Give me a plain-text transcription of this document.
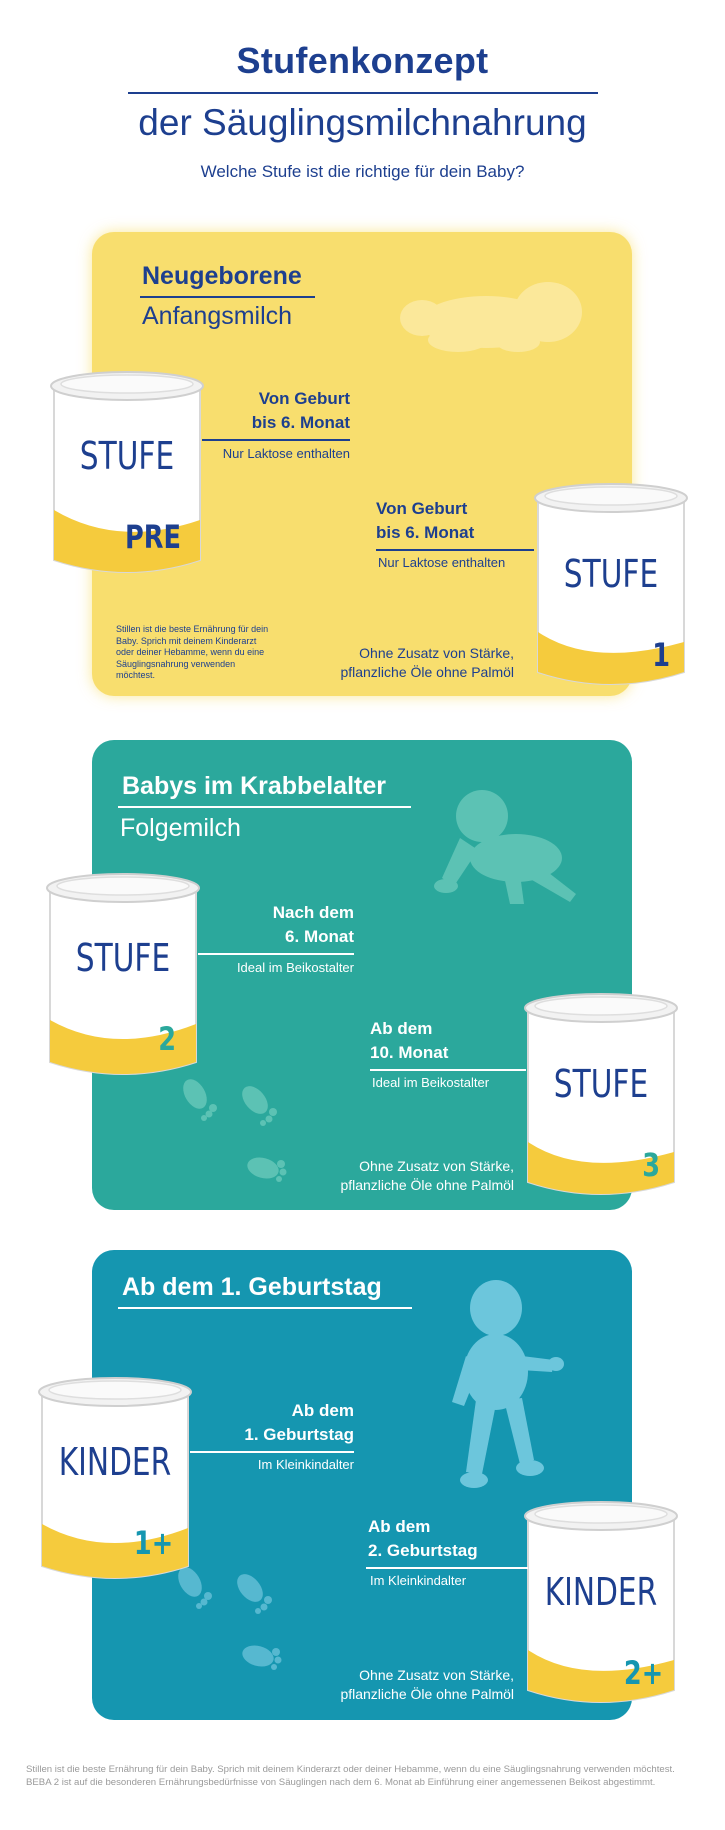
Stufenkonzept
der Säuglingsmilchnahrung
Welche Stufe ist die richtige für dein Baby?
Neugeborene
Anfangsmilch
STUFE
PRE
Von Geburt
bis 6. Monat
Nur Laktose enthalten
STUFE
1
Von Geburt
bis 6. Monat
Nur Laktose enthalten
Stillen ist die beste Ernährung für dein Baby. Sprich mit deinem Kinderarzt oder deiner Hebamme, wenn du eine Säuglingsnahrung verwenden möchtest.
Ohne Zusatz von Stärke,
pflanzliche Öle ohne Palmöl
Babys im Krabbelalter
Folgemilch
STUFE
2
Nach dem
6. Monat
Ideal im Beikostalter
STUFE
3
Ab dem
10. Monat
Ideal im Beikostalter
Ohne Zusatz von Stärke,
pflanzliche Öle ohne Palmöl
Ab dem 1. Geburtstag
KINDER
1+
Ab dem
1. Geburtstag
Im Kleinkindalter
KINDER
2+
Ab dem
2. Geburtstag
Im Kleinkindalter
Ohne Zusatz von Stärke,
pflanzliche Öle ohne Palmöl
Stillen ist die beste Ernährung für dein Baby. Sprich mit deinem Kinderarzt oder deiner Hebamme, wenn du eine Säuglingsnahrung verwenden möchtest.
BEBA 2 ist auf die besonderen Ernährungsbedürfnisse von Säuglingen nach dem 6. Monat ab Einführung einer angemessenen Beikost abgestimmt.
